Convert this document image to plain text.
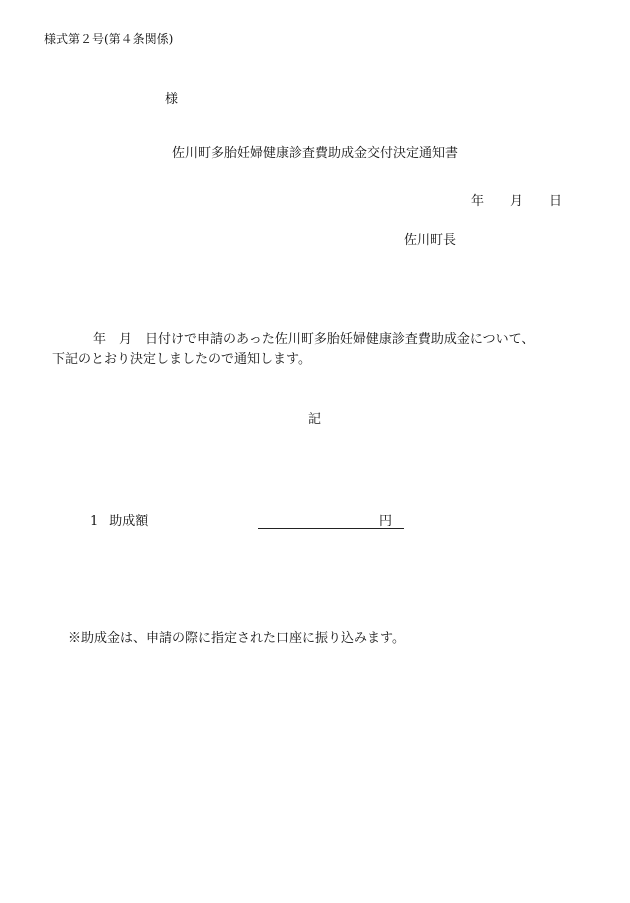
様式第２号(第４条関係)
様
佐川町多胎妊婦健康診査費助成金交付決定通知書
年 月 日
佐川町長
年 月 日付けで申請のあった佐川町多胎妊婦健康診査費助成金について、
下記のとおり決定しましたので通知します。
記
1 助成額	円
※助成金は、申請の際に指定された口座に振り込みます。
